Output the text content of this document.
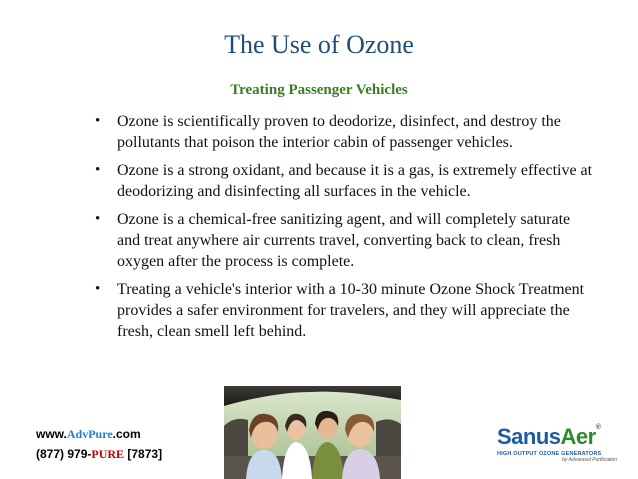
The Use of Ozone
Treating Passenger Vehicles
• Ozone is scientifically proven to deodorize, disinfect, and destroy the pollutants that poison the interior cabin of passenger vehicles.
• Ozone is a strong oxidant, and because it is a gas, is extremely effective at deodorizing and disinfecting all surfaces in the vehicle.
• Ozone is a chemical-free sanitizing agent, and will completely saturate and treat anywhere air currents travel, converting back to clean, fresh oxygen after the process is complete.
• Treating a vehicle's interior with a 10-30 minute Ozone Shock Treatment provides a safer environment for travelers, and they will appreciate the fresh, clean smell left behind.
www.AdvPure.com
(877) 979-PURE [7873]
SanusAer®
HIGH OUTPUT OZONE GENERATORS
by Advanced Purification
